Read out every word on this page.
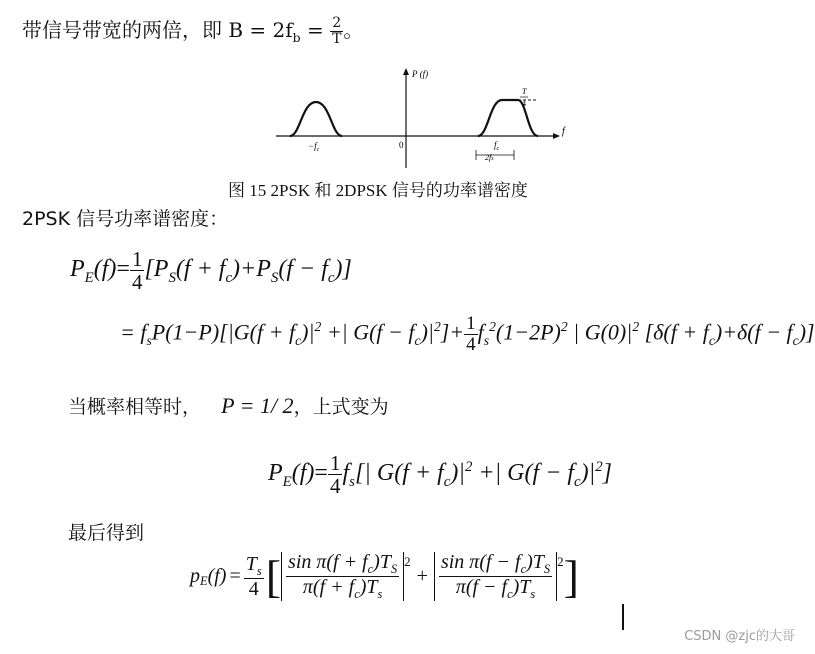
带信号带宽的两倍，即 $B = 2f_b = \frac{2}{T}$ 。
P (f)
f
T
4
$-f_c$	0	$f_c$
2fs
图 15 2PSK 和 2DPSK 信号的功率谱密度
2PSK 信号功率谱密度：
$P_E(f)= \frac{1}{4} [P_S(f + f_c)+P_S(f - f_c)]$
= $f_sP(1-P)[|G(f + f_c)|^2$ +| $G(f - f_c)|^2]+ \frac{1}{4} f_s^2(1-2P)^2$ | $G(0)|^2$ $[\delta(f + f_c)+\delta(f - f_c)]$
当概率相等时， P = 1/ 2，上式变为
$P_E(f)= \frac{1}{4} f_s[|$ $G(f + f_c)|^2$ +| $G(f - f_c)|^2$]
最后得到
$p_E$ $(f) = \frac{T_s}{4}$ [ $\frac{\sin \pi(f + f_c)T_S}{\pi(f + f_c)T_s} ^2$
+ $\frac{\sin \pi(f - f_c)T_S}{\pi(f - f_c)T_s} ^2$ ]
CSDN @zjc的大哥
